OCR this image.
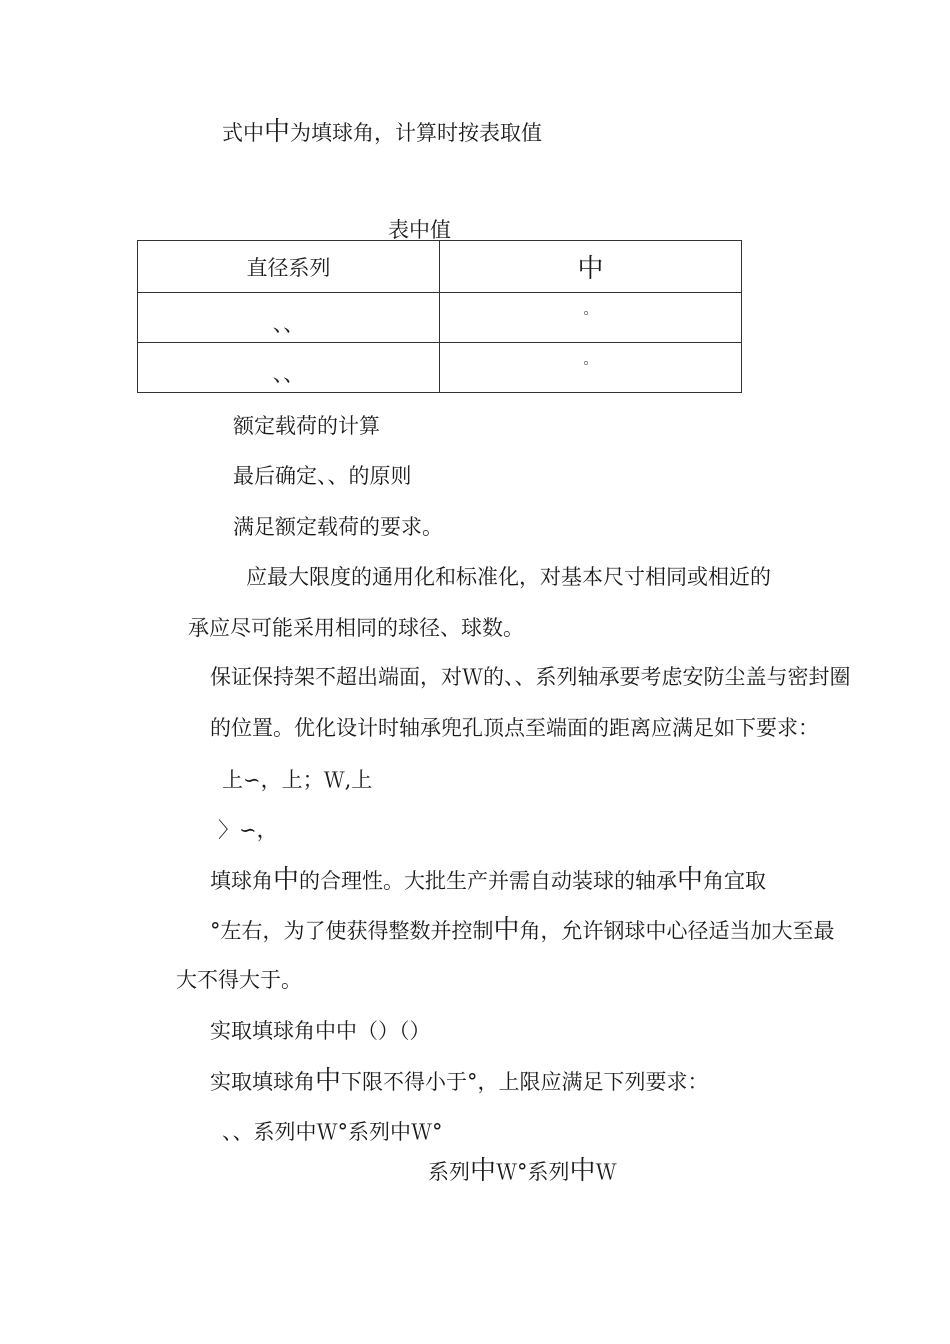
式中中为填球角，计算时按表取值
表中值
直径系列	中

、、	。

、、	。
额定载荷的计算
最后确定、、的原则
满足额定载荷的要求。
应最大限度的通用化和标准化，对基本尺寸相同或相近的
承应尽可能采用相同的球径、球数。
保证保持架不超出端面，对Ｗ的、、系列轴承要考虑安防尘盖与密封圈
的位置。优化设计时轴承兜孔顶点至端面的距离应满足如下要求：
上∽，上；Ｗ,上
〉∽，
填球角中的合理性。大批生产并需自动装球的轴承中角宜取
°左右，为了使获得整数并控制中角，允许钢球中心径适当加大至最
大不得大于。
实取填球角中中（）（）
实取填球角中下限不得小于°，上限应满足下列要求：
、、系列中Ｗ°系列中Ｗ°
系列中Ｗ°系列中Ｗ
